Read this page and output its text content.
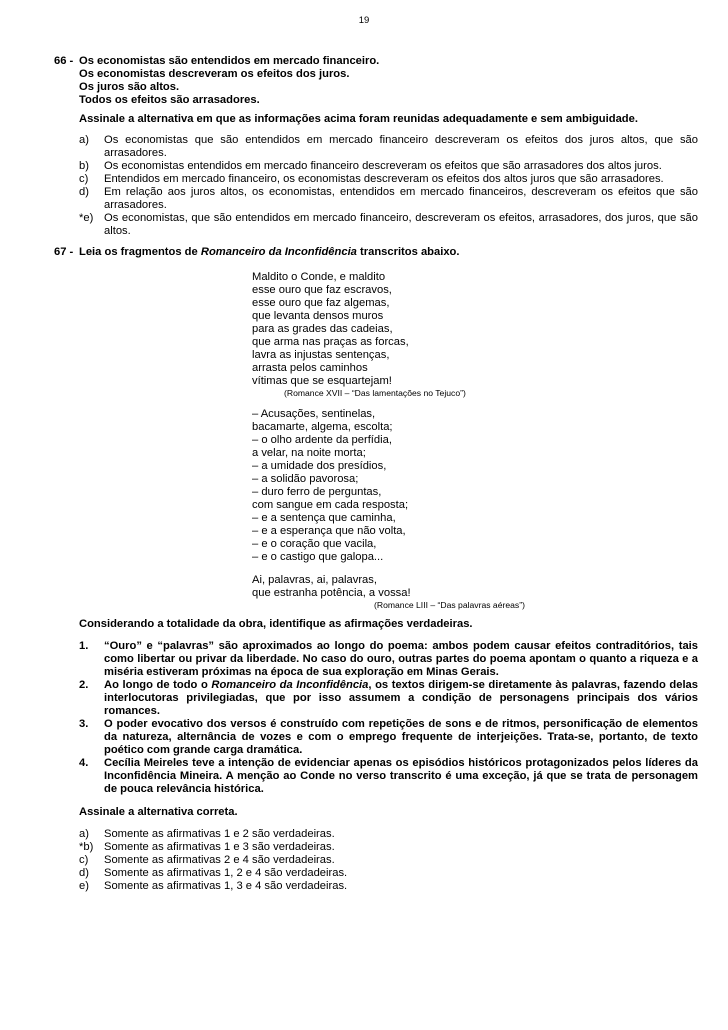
19
66 - Os economistas são entendidos em mercado financeiro.
Os economistas descreveram os efeitos dos juros.
Os juros são altos.
Todos os efeitos são arrasadores.
Assinale a alternativa em que as informações acima foram reunidas adequadamente e sem ambiguidade.
a)	Os economistas que são entendidos em mercado financeiro descreveram os efeitos dos juros altos, que são arrasadores.
b)	Os economistas entendidos em mercado financeiro descreveram os efeitos que são arrasadores dos altos juros.
c)	Entendidos em mercado financeiro, os economistas descreveram os efeitos dos altos juros que são arrasadores.
d)	Em relação aos juros altos, os economistas, entendidos em mercado financeiros, descreveram os efeitos que são arrasadores.
*e) Os economistas, que são entendidos em mercado financeiro, descreveram os efeitos, arrasadores, dos juros, que são altos.
67 - Leia os fragmentos de Romanceiro da Inconfidência transcritos abaixo.
Maldito o Conde, e maldito
esse ouro que faz escravos,
esse ouro que faz algemas,
que levanta densos muros
para as grades das cadeias,
que arma nas praças as forcas,
lavra as injustas sentenças,
arrasta pelos caminhos
vítimas que se esquartejam!
(Romance XVII – “Das lamentações no Tejuco”)
– Acusações, sentinelas,
bacamarte, algema, escolta;
– o olho ardente da perfídia,
a velar, na noite morta;
– a umidade dos presídios,
– a solidão pavorosa;
– duro ferro de perguntas,
com sangue em cada resposta;
– e a sentença que caminha,
– e a esperança que não volta,
– e o coração que vacila,
– e o castigo que galopa...
Ai, palavras, ai, palavras,
que estranha potência, a vossa!
(Romance LIII – “Das palavras aéreas”)
Considerando a totalidade da obra, identifique as afirmações verdadeiras.
1.	“Ouro” e “palavras” são aproximados ao longo do poema: ambos podem causar efeitos contraditórios, tais como libertar ou privar da liberdade. No caso do ouro, outras partes do poema apontam o quanto a riqueza e a miséria estiveram próximas na época de sua exploração em Minas Gerais.
2.	Ao longo de todo o Romanceiro da Inconfidência, os textos dirigem-se diretamente às palavras, fazendo delas interlocutoras privilegiadas, que por isso assumem a condição de personagens principais dos vários romances.
3.	O poder evocativo dos versos é construído com repetições de sons e de ritmos, personificação de elementos da natureza, alternância de vozes e com o emprego frequente de interjeições. Trata-se, portanto, de texto poético com grande carga dramática.
4.	Cecília Meireles teve a intenção de evidenciar apenas os episódios históricos protagonizados pelos líderes da Inconfidência Mineira. A menção ao Conde no verso transcrito é uma exceção, já que se trata de personagem de pouca relevância histórica.
Assinale a alternativa correta.
a)	Somente as afirmativas 1 e 2 são verdadeiras.
*b) Somente as afirmativas 1 e 3 são verdadeiras.
c)	Somente as afirmativas 2 e 4 são verdadeiras.
d)	Somente as afirmativas 1, 2 e 4 são verdadeiras.
e)	Somente as afirmativas 1, 3 e 4 são verdadeiras.
